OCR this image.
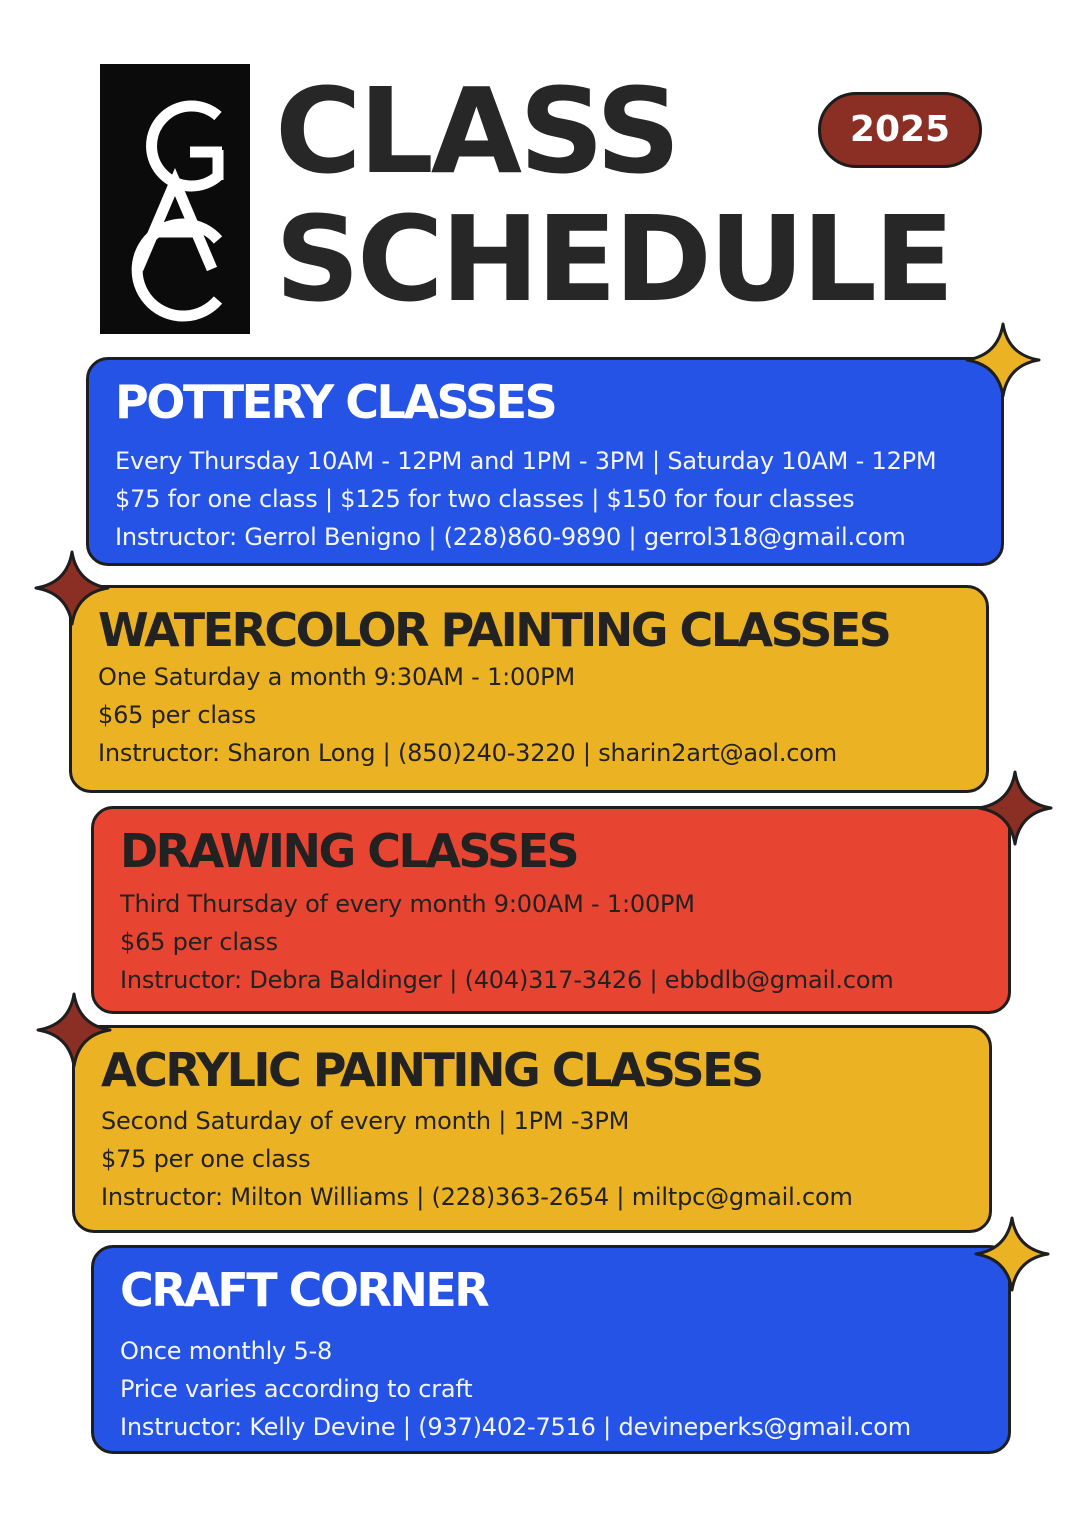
CLASS
SCHEDULE
2025
POTTERY CLASSES
Every Thursday 10AM - 12PM and 1PM - 3PM | Saturday 10AM - 12PM
$75 for one class | $125 for two classes | $150 for four classes
Instructor: Gerrol Benigno | (228)860-9890 | gerrol318@gmail.com
WATERCOLOR PAINTING CLASSES
One Saturday a month 9:30AM - 1:00PM
$65 per class
Instructor: Sharon Long | (850)240-3220 | sharin2art@aol.com
DRAWING CLASSES
Third Thursday of every month 9:00AM - 1:00PM
$65 per class
Instructor: Debra Baldinger | (404)317-3426 | ebbdlb@gmail.com
ACRYLIC PAINTING CLASSES
Second Saturday of every month | 1PM -3PM
$75 per one class
Instructor: Milton Williams | (228)363-2654 | miltpc@gmail.com
CRAFT CORNER
Once monthly 5-8
Price varies according to craft
Instructor: Kelly Devine | (937)402-7516 | devineperks@gmail.com
